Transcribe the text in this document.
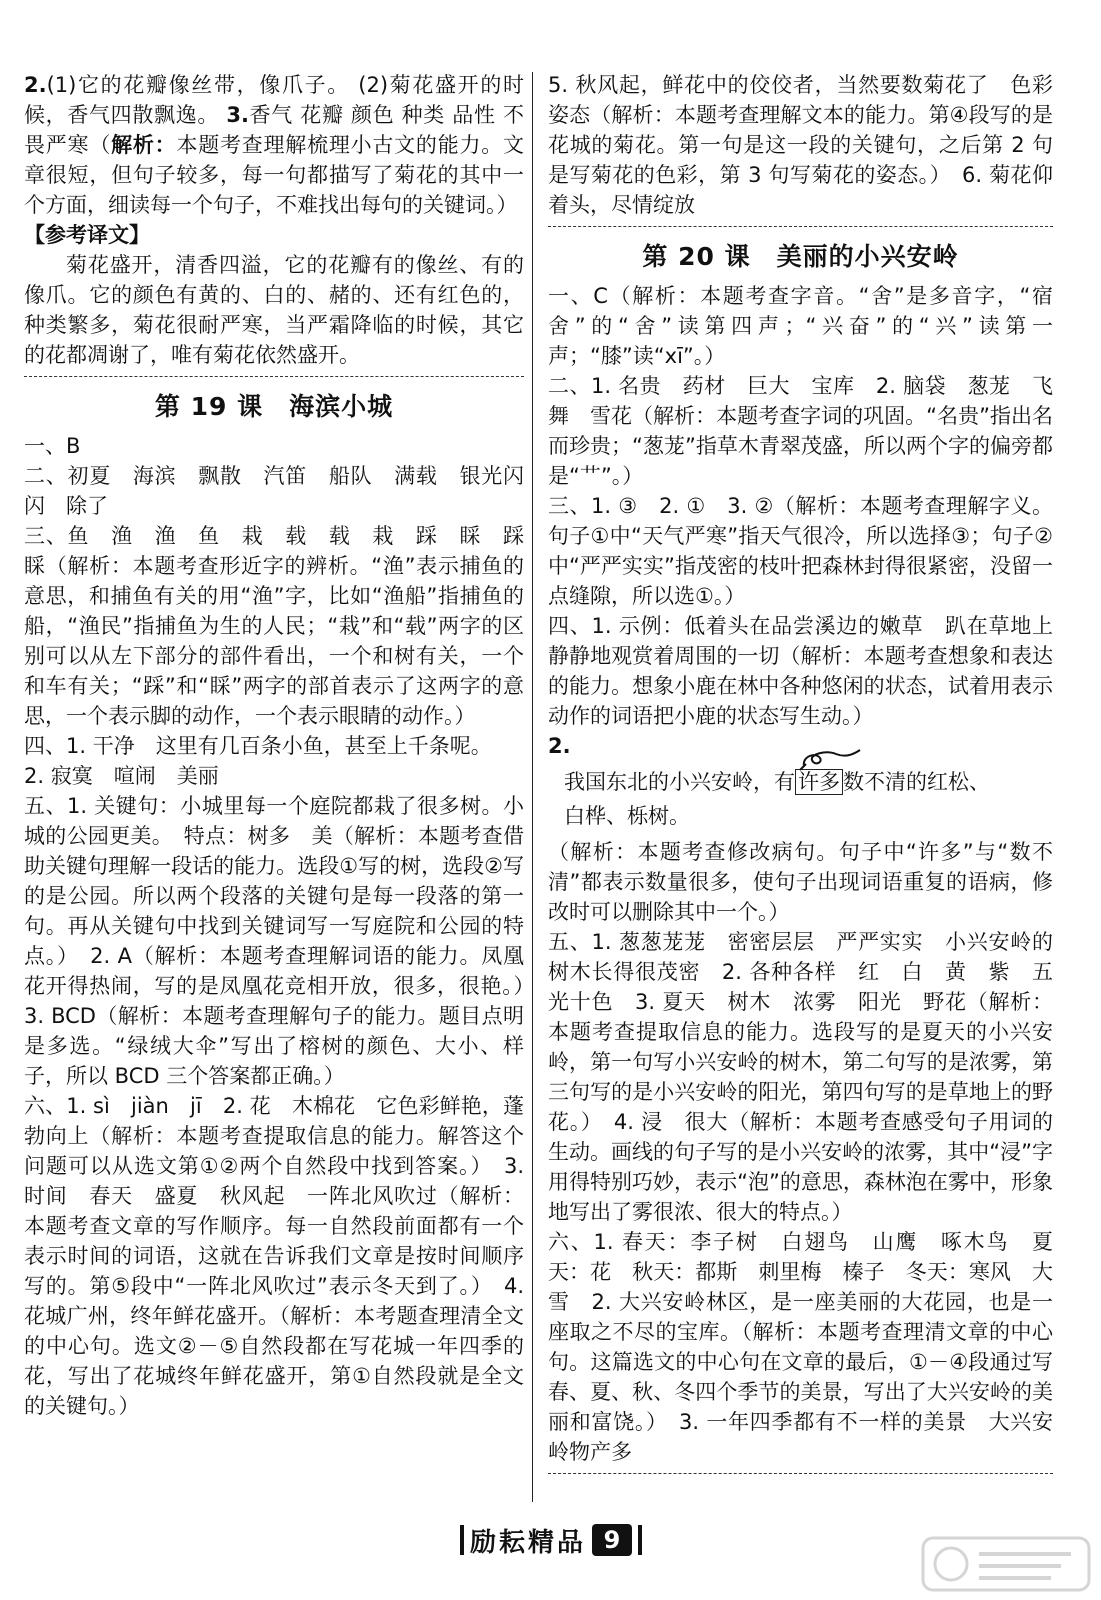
2.(1)它的花瓣像丝带，像爪子。 (2)菊花盛开的时候，香气四散飘逸。 3.香气 花瓣 颜色 种类 品性 不畏严寒（解析：本题考查理解梳理小古文的能力。文章很短，但句子较多，每一句都描写了菊花的其中一个方面，细读每一个句子，不难找出每句的关键词。）

【参考译文】

菊花盛开，清香四溢，它的花瓣有的像丝、有的像爪。它的颜色有黄的、白的、赭的、还有红色的，种类繁多，菊花很耐严寒，当严霜降临的时候，其它的花都凋谢了，唯有菊花依然盛开。

第 19 课　海滨小城

一、B

二、初夏　海滨　飘散　汽笛　船队　满载　银光闪闪　除了

三、鱼　渔　渔　鱼　栽　载　载　栽　踩　睬　踩　睬（解析：本题考查形近字的辨析。“渔”表示捕鱼的意思，和捕鱼有关的用“渔”字，比如“渔船”指捕鱼的船，“渔民”指捕鱼为生的人民；“栽”和“载”两字的区别可以从左下部分的部件看出，一个和树有关，一个和车有关；“踩”和“睬”两字的部首表示了这两字的意思，一个表示脚的动作，一个表示眼睛的动作。）

四、1. 干净　这里有几百条小鱼，甚至上千条呢。

2. 寂寞　喧闹　美丽

五、1. 关键句：小城里每一个庭院都栽了很多树。小城的公园更美。　特点：树多　美（解析：本题考查借助关键句理解一段话的能力。选段①写的树，选段②写的是公园。所以两个段落的关键句是每一段落的第一句。再从关键句中找到关键词写一写庭院和公园的特点。）　2. A（解析：本题考查理解词语的能力。凤凰花开得热闹，写的是凤凰花竞相开放，很多，很艳。）　3. BCD（解析：本题考查理解句子的能力。题目点明是多选。“绿绒大伞”写出了榕树的颜色、大小、样子，所以 BCD 三个答案都正确。）

六、1. sì　jiàn　jī　2. 花　木棉花　它色彩鲜艳，蓬勃向上（解析：本题考查提取信息的能力。解答这个问题可以从选文第①②两个自然段中找到答案。）　3. 时间　春天　盛夏　秋风起　一阵北风吹过（解析：本题考查文章的写作顺序。每一自然段前面都有一个表示时间的词语，这就在告诉我们文章是按时间顺序写的。第⑤段中“一阵北风吹过”表示冬天到了。）　4. 花城广州，终年鲜花盛开。（解析：本考题查理清全文的中心句。选文②－⑤自然段都在写花城一年四季的花，写出了花城终年鲜花盛开，第①自然段就是全文的关键句。）

5. 秋风起，鲜花中的佼佼者，当然要数菊花了　色彩　姿态（解析：本题考查理解文本的能力。第④段写的是花城的菊花。第一句是这一段的关键句，之后第 2 句是写菊花的色彩，第 3 句写菊花的姿态。）　6. 菊花仰着头，尽情绽放

第 20 课　美丽的小兴安岭

一、C（解析：本题考查字音。“舍”是多音字，“宿舍”的“舍”读第四声；“兴奋”的“兴”读第一声；“膝”读“xī”。）

二、1. 名贵　药材　巨大　宝库　2. 脑袋　葱茏　飞舞　雪花（解析：本题考查字词的巩固。“名贵”指出名而珍贵；“葱茏”指草木青翠茂盛，所以两个字的偏旁都是“艹”。）

三、1. ③　2. ①　3. ②（解析：本题考查理解字义。句子①中“天气严寒”指天气很冷，所以选择③；句子②中“严严实实”指茂密的枝叶把森林封得很紧密，没留一点缝隙，所以选①。）

四、1. 示例：低着头在品尝溪边的嫩草　趴在草地上静静地观赏着周围的一切（解析：本题考查想象和表达的能力。想象小鹿在林中各种悠闲的状态，试着用表示动作的词语把小鹿的状态写生动。）

2.

我国东北的小兴安岭，有 许多 数不清的红松、
白桦、栎树。

（解析：本题考查修改病句。句子中“许多”与“数不清”都表示数量很多，使句子出现词语重复的语病，修改时可以删除其中一个。）

五、1. 葱葱茏茏　密密层层　严严实实　小兴安岭的树木长得很茂密　2. 各种各样　红　白　黄　紫　五光十色　3. 夏天　树木　浓雾　阳光　野花（解析：本题考查提取信息的能力。选段写的是夏天的小兴安岭，第一句写小兴安岭的树木，第二句写的是浓雾，第三句写的是小兴安岭的阳光，第四句写的是草地上的野花。）　4. 浸　很大（解析：本题考查感受句子用词的生动。画线的句子写的是小兴安岭的浓雾，其中“浸”字用得特别巧妙，表示“泡”的意思，森林泡在雾中，形象地写出了雾很浓、很大的特点。）

六、1. 春天：李子树　白翅鸟　山鹰　啄木鸟　夏天：花　秋天：都斯　刺里梅　榛子　冬天：寒风　大雪　2. 大兴安岭林区，是一座美丽的大花园，也是一座取之不尽的宝库。（解析：本题考查理清文章的中心句。这篇选文的中心句在文章的最后，①－④段通过写春、夏、秋、冬四个季节的美景，写出了大兴安岭的美丽和富饶。）　3. 一年四季都有不一样的美景　大兴安岭物产多

励耘精品 9
